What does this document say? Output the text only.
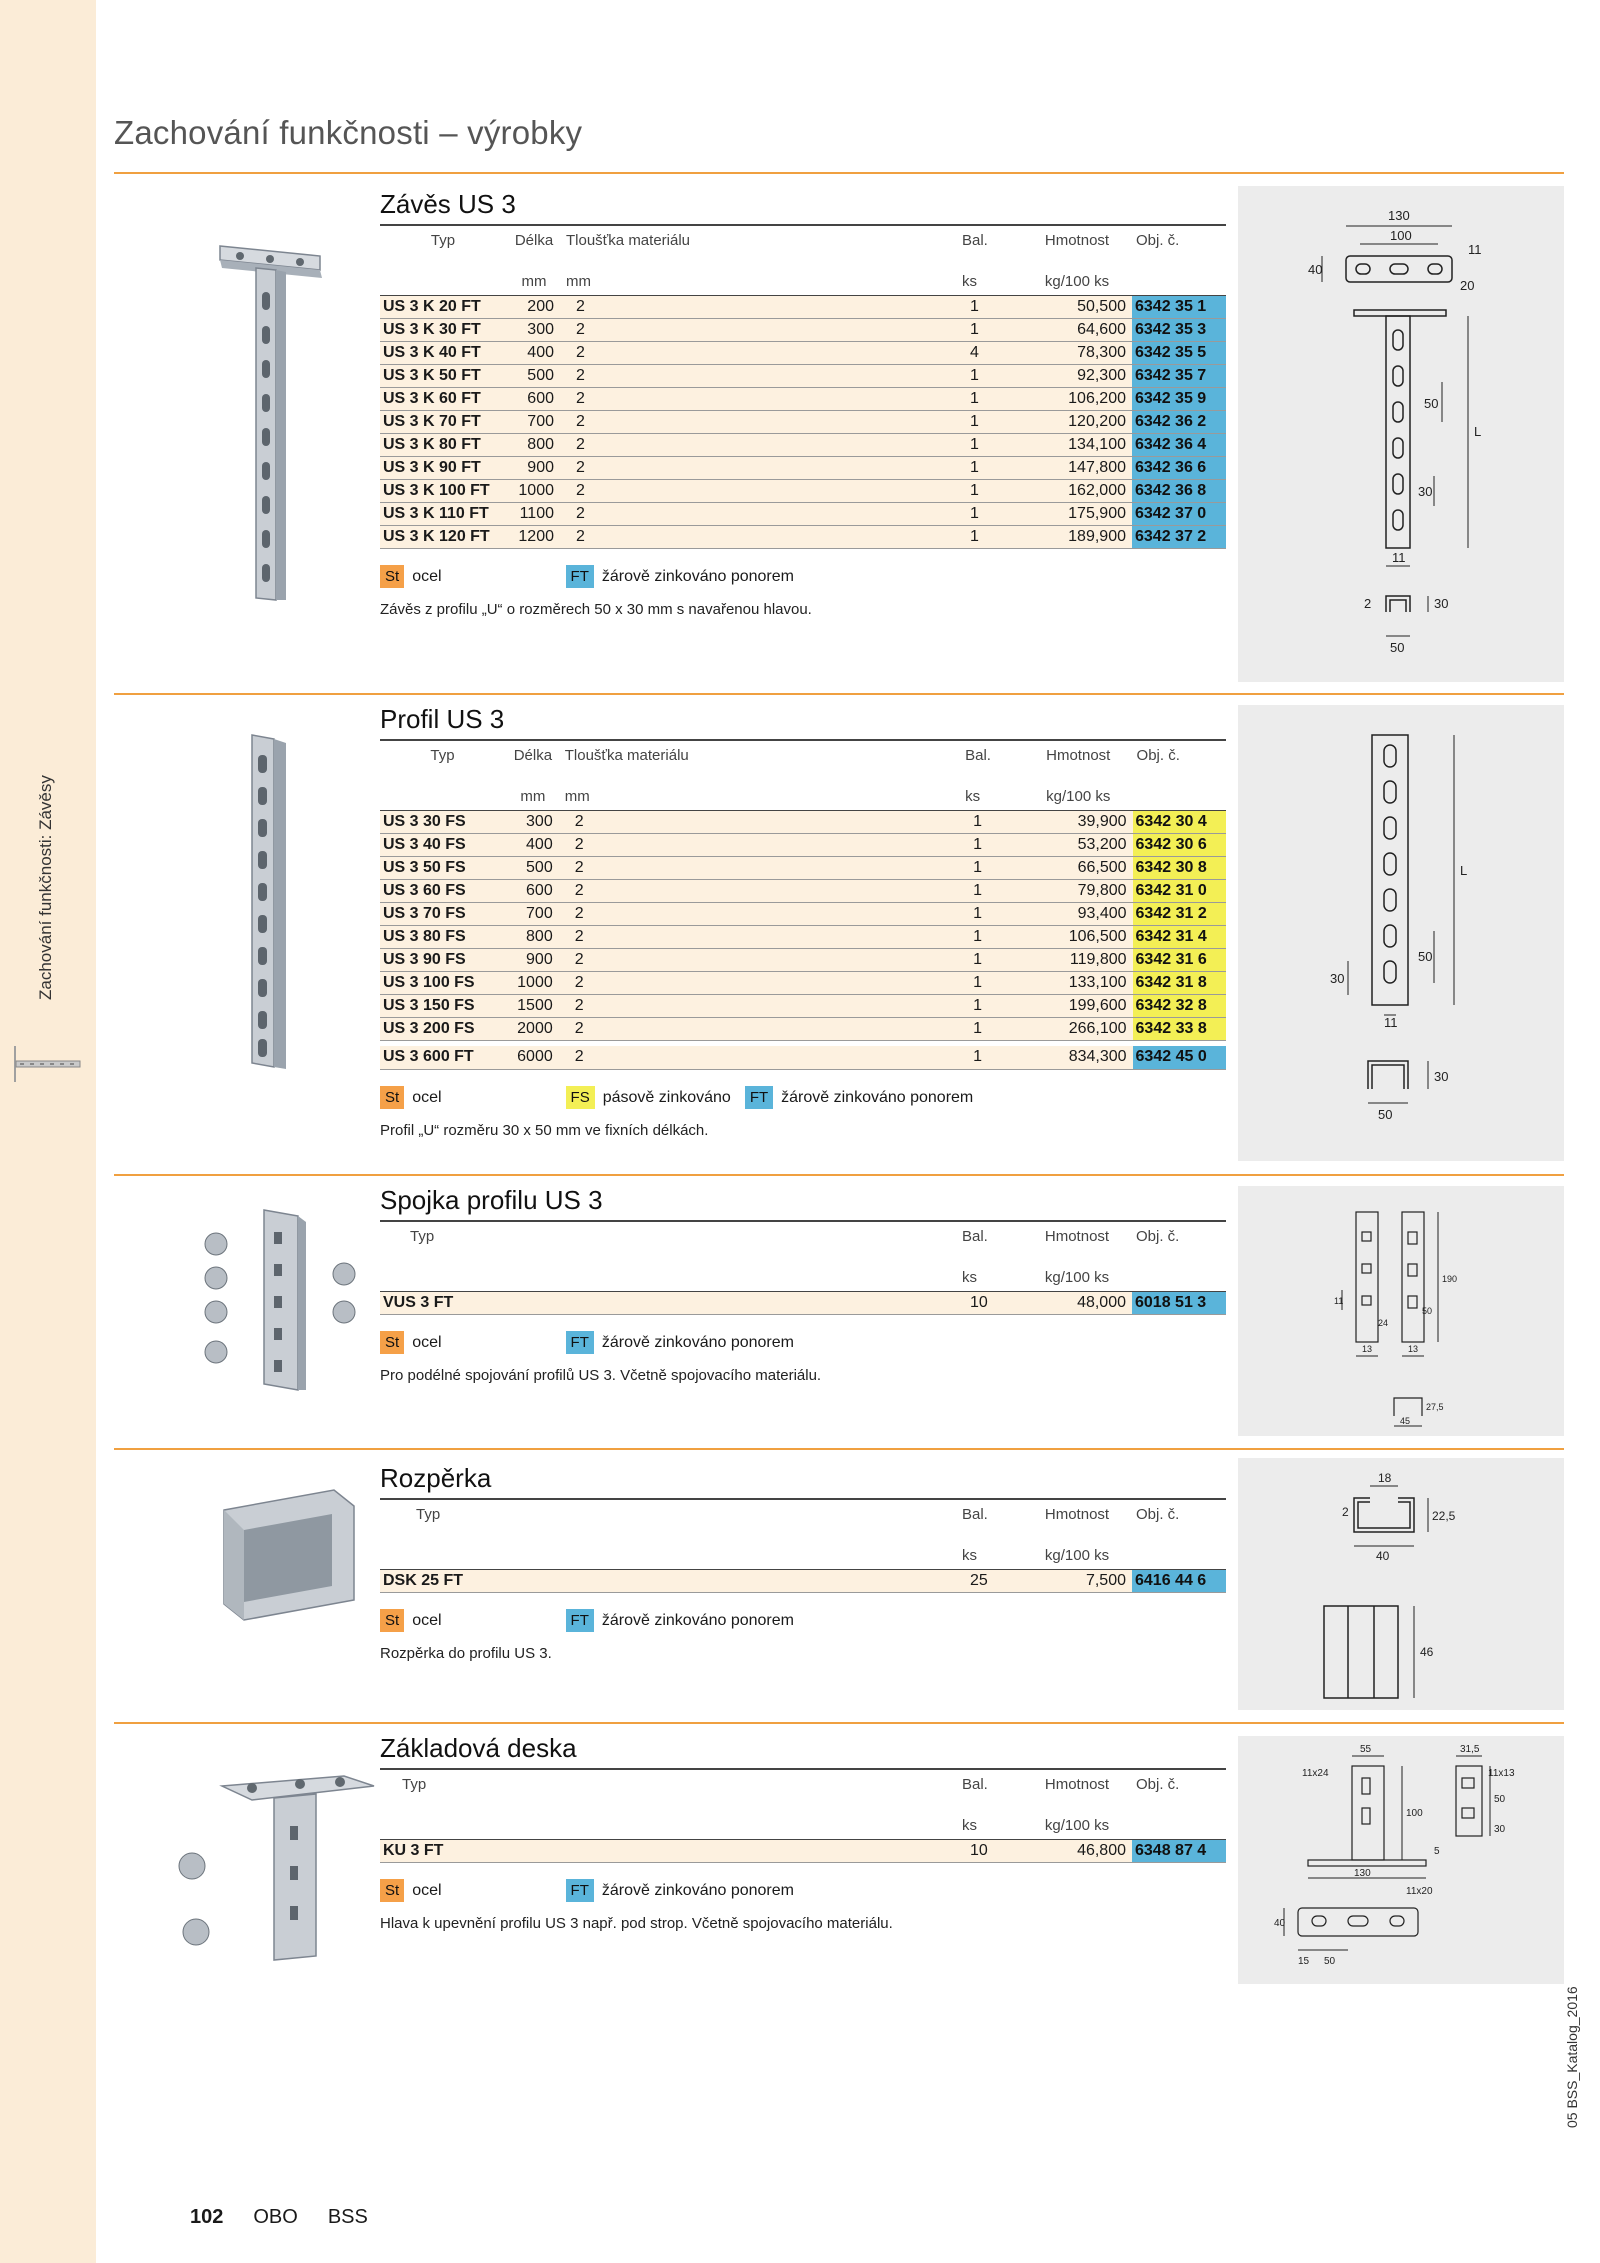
Zachování funkčnosti: Závěsy
Zachování funkčnosti – výrobky
Závěs US 3
Typ	Délka	Tloušťka materiálu	Bal.	Hmotnost	Obj. č.
	mm	mm	ks	kg/100 ks	
US 3 K 20 FT	200	2	1	50,500	6342 35 1
US 3 K 30 FT	300	2	1	64,600	6342 35 3
US 3 K 40 FT	400	2	4	78,300	6342 35 5
US 3 K 50 FT	500	2	1	92,300	6342 35 7
US 3 K 60 FT	600	2	1	106,200	6342 35 9
US 3 K 70 FT	700	2	1	120,200	6342 36 2
US 3 K 80 FT	800	2	1	134,100	6342 36 4
US 3 K 90 FT	900	2	1	147,800	6342 36 6
US 3 K 100 FT	1000	2	1	162,000	6342 36 8
US 3 K 110 FT	1100	2	1	175,900	6342 37 0
US 3 K 120 FT	1200	2	1	189,900	6342 37 2
St ocel	FT žárově zinkováno ponorem
Závěs z profilu „U“ o rozměrech 50 x 30 mm s navařenou hlavou.
130
100
40
11
20
50
L
30
11
2	30
50
Profil US 3
Typ	Délka	Tloušťka materiálu	Bal.	Hmotnost	Obj. č.
	mm	mm	ks	kg/100 ks	
US 3 30 FS	300	2	1	39,900	6342 30 4
US 3 40 FS	400	2	1	53,200	6342 30 6
US 3 50 FS	500	2	1	66,500	6342 30 8
US 3 60 FS	600	2	1	79,800	6342 31 0
US 3 70 FS	700	2	1	93,400	6342 31 2
US 3 80 FS	800	2	1	106,500	6342 31 4
US 3 90 FS	900	2	1	119,800	6342 31 6
US 3 100 FS	1000	2	1	133,100	6342 31 8
US 3 150 FS	1500	2	1	199,600	6342 32 8
US 3 200 FS	2000	2	1	266,100	6342 33 8

US 3 600 FT	6000	2	1	834,300	6342 45 0
St ocel	FS pásově zinkováno	FT žárově zinkováno ponorem
Profil „U“ rozměru 30 x 50 mm ve fixních délkách.
L
50
30
11
50
30
Spojka profilu US 3
Typ	Bal.	Hmotnost	Obj. č.
	ks	kg/100 ks	
VUS 3 FT	10	48,000	6018 51 3
St ocel	FT žárově zinkováno ponorem
Pro podélné spojování profilů US 3. Včetně spojovacího materiálu.
190
50
11
24
13	13
45
27,5
Rozpěrka
Typ	Bal.	Hmotnost	Obj. č.
	ks	kg/100 ks	
DSK 25 FT	25	7,500	6416 44 6
St ocel	FT žárově zinkováno ponorem
Rozpěrka do profilu US 3.
18
2	22,5
40
46
Základová deska
Typ	Bal.	Hmotnost	Obj. č.
	ks	kg/100 ks	
KU 3 FT	10	46,800	6348 87 4
St ocel	FT žárově zinkováno ponorem
Hlava k upevnění profilu US 3 např. pod strop. Včetně spojovacího materiálu.
55	31,5
11x24	11x13
100
5
50
30
130
11x20
40
15 50
102 OBO BSS
05 BSS_Katalog_2016
